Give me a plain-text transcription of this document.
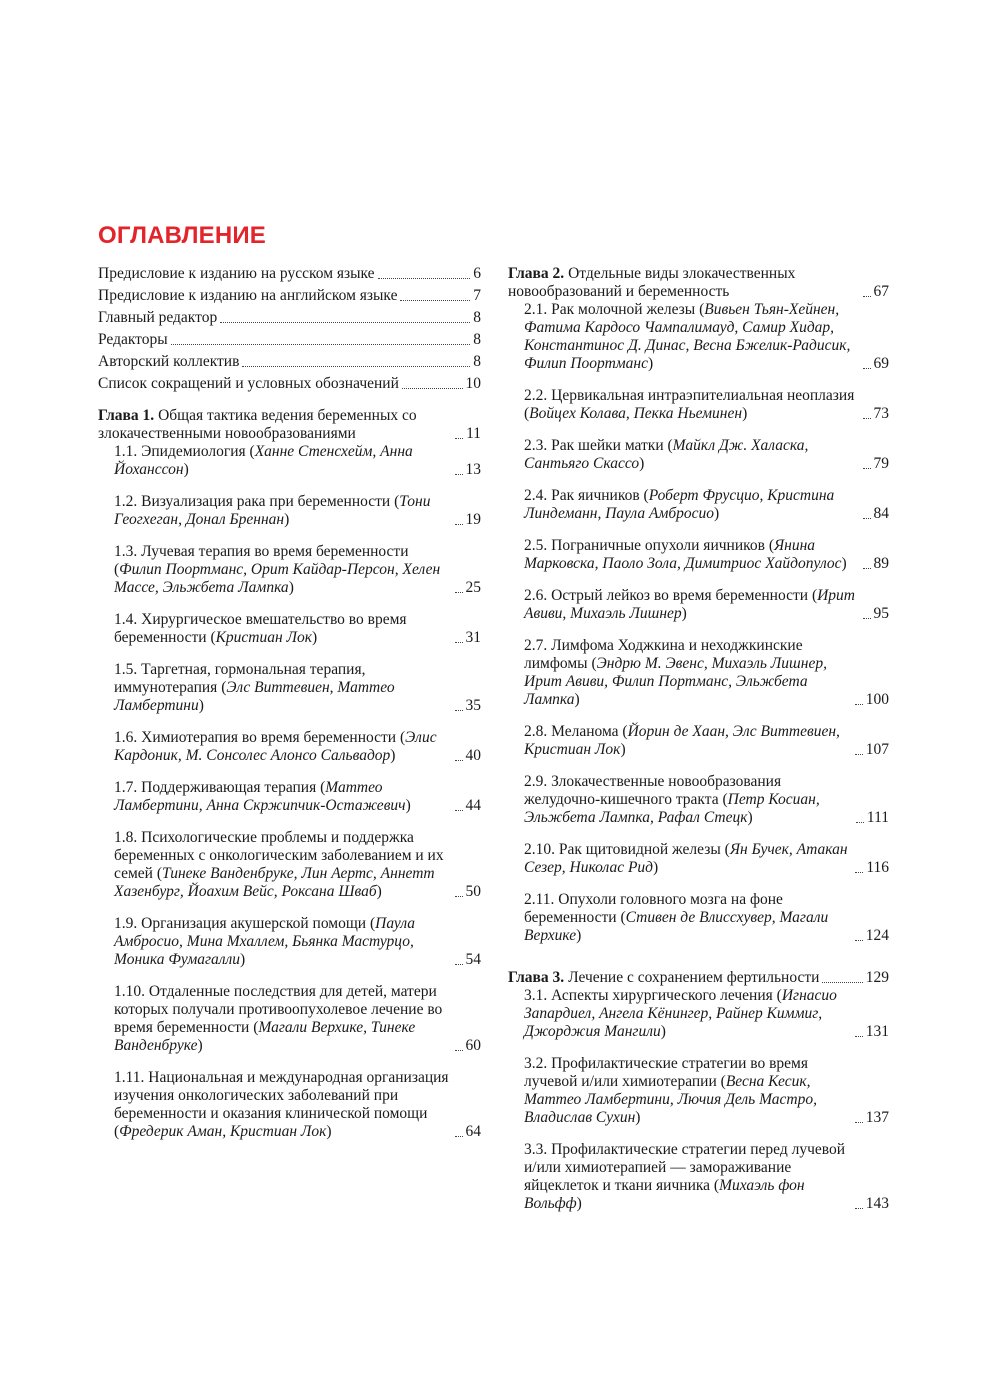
ОГЛАВЛЕНИЕ
Предисловие к изданию на русском языке	6
Предисловие к изданию на английском языке	7
Главный редактор	8
Редакторы	8
Авторский коллектив	8
Список сокращений и условных обозначений	10
Глава 1. Общая тактика ведения беременных со злокачественными новообразованиями	11
1.1. Эпидемиология (Ханне Стенсхейм, Анна Йоханссон)	13
1.2. Визуализация рака при беременности (Тони Геогхеган, Донал Бреннан)	19
1.3. Лучевая терапия во время беременности (Филип Поортманс, Орит Кайдар-Персон, Хелен Массе, Эльжбета Лампка)	25
1.4. Хирургическое вмешательство во время беременности (Кристиан Лок)	31
1.5. Таргетная, гормональная терапия, иммунотерапия (Элс Виттевиен, Маттео Ламбертини)	35
1.6. Химиотерапия во время беременности (Элис Кардоник, М. Сонсолес Алонсо Сальвадор)	40
1.7. Поддерживающая терапия (Маттео Ламбертини, Анна Скржипчик-Остажевич)	44
1.8. Психологические проблемы и поддержка беременных с онкологическим заболеванием и их семей (Тинеке Ванденбруке, Лин Аертс, Аннетт Хазенбург, Йоахим Вейс, Роксана Шваб)	50
1.9. Организация акушерской помощи (Паула Амбросио, Мина Мхаллем, Бьянка Мастурцо, Моника Фумагалли)	54
1.10. Отдаленные последствия для детей, матери которых получали противоопухолевое лечение во время беременности (Магали Верхике, Тинеке Ванденбруке)	60
1.11. Национальная и международная организация изучения онкологических заболеваний при беременности и оказания клинической помощи (Фредерик Аман, Кристиан Лок)	64
Глава 2. Отдельные виды злокачественных новообразований и беременность	67
2.1. Рак молочной железы (Вивьен Тьян-Хейнен, Фатима Кардосо Чампалимауд, Самир Хидар, Константинос Д. Динас, Весна Бжелик-Радисик, Филип Поортманс)	69
2.2. Цервикальная интраэпителиальная неоплазия (Войцех Колава, Пекка Ньеминен)	73
2.3. Рак шейки матки (Майкл Дж. Халаска, Сантьяго Скассо)	79
2.4. Рак яичников (Роберт Фрусцио, Кристина Линдеманн, Паула Амбросио)	84
2.5. Пограничные опухоли яичников (Янина Марковска, Паоло Зола, Димитриос Хайдопулос)	89
2.6. Острый лейкоз во время беременности (Ирит Авиви, Михаэль Лишнер)	95
2.7. Лимфома Ходжкина и неходжкинские лимфомы (Эндрю М. Эвенс, Михаэль Лишнер, Ирит Авиви, Филип Портманс, Эльжбета Лампка)	100
2.8. Меланома (Йорин де Хаан, Элс Виттевиен, Кристиан Лок)	107
2.9. Злокачественные новообразования желудочно-кишечного тракта (Петр Косиан, Эльжбета Лампка, Рафал Стецк)	111
2.10. Рак щитовидной железы (Ян Бучек, Атакан Сезер, Николас Рид)	116
2.11. Опухоли головного мозга на фоне беременности (Стивен де Влиссхувер, Магали Верхике)	124
Глава 3. Лечение с сохранением фертильности	129
3.1. Аспекты хирургического лечения (Игнасио Запардиел, Ангела Кёнингер, Райнер Киммиг, Джорджия Мангили)	131
3.2. Профилактические стратегии во время лучевой и/или химиотерапии (Весна Кесик, Маттео Ламбертини, Лючия Дель Мастро, Владислав Сухин)	137
3.3. Профилактические стратегии перед лучевой и/или химиотерапией — замораживание яйцеклеток и ткани яичника (Михаэль фон Вольфф)	143
